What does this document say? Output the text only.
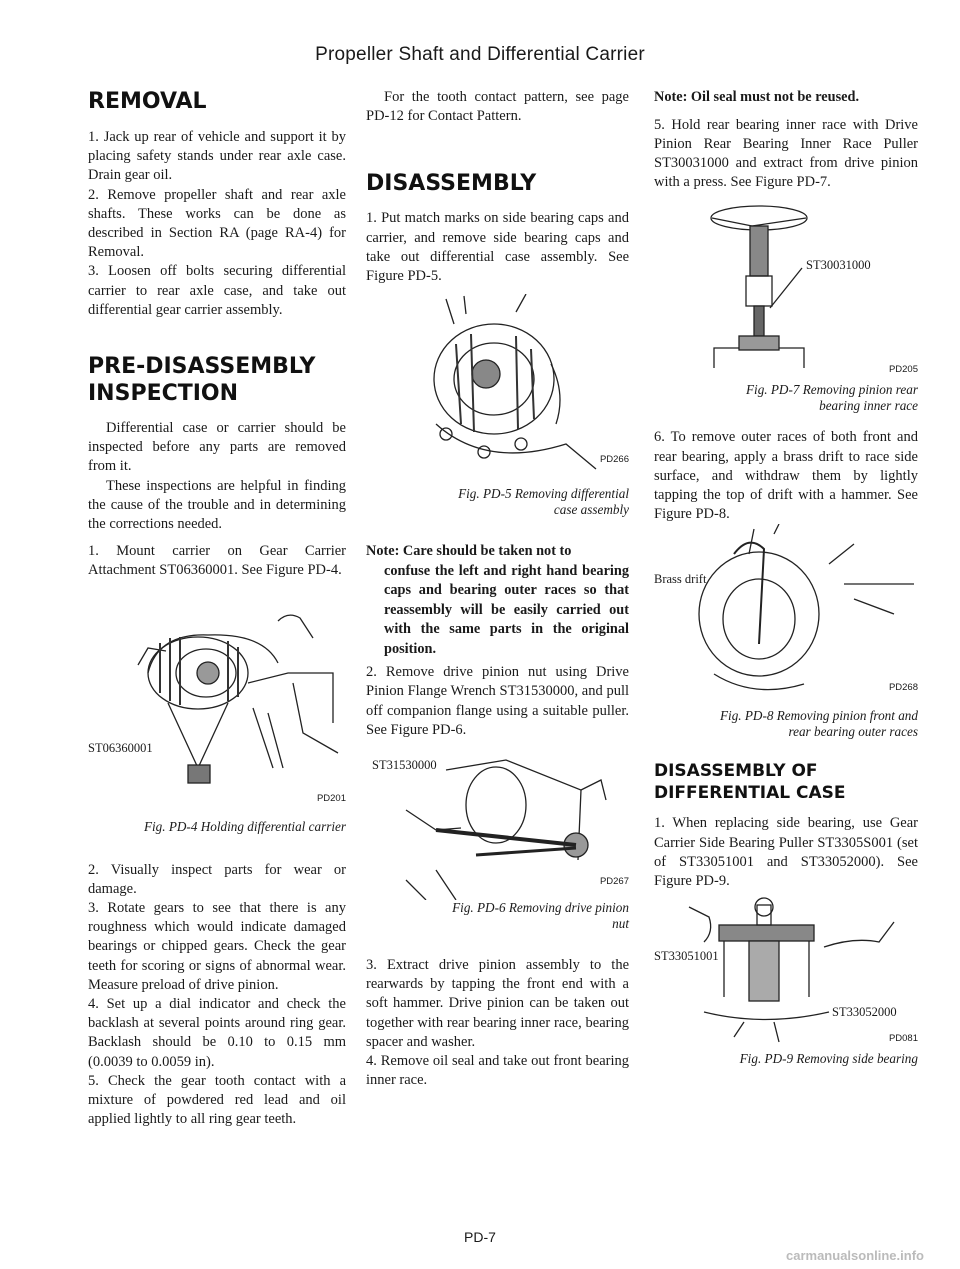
Propeller Shaft and Differential Carrier
REMOVAL

1. Jack up rear of vehicle and support it by placing safety stands under rear axle case. Drain gear oil.

2. Remove propeller shaft and rear axle shafts. These works can be done as described in Section RA (page RA-4) for Removal.

3. Loosen off bolts securing differential carrier to rear axle case, and take out differential gear carrier assembly.

PRE-DISASSEMBLY
INSPECTION

Differential case or carrier should be inspected before any parts are removed from it.

These inspections are helpful in finding the cause of the trouble and in determining the corrections needed.

1. Mount carrier on Gear Carrier Attachment ST06360001. See Figure PD-4.

ST06360001
PD201
Fig. PD-4 Holding differential carrier

2. Visually inspect parts for wear or damage.

3. Rotate gears to see that there is any roughness which would indicate damaged bearings or chipped gears. Check the gear teeth for scoring or signs of abnormal wear. Measure preload of drive pinion.

4. Set up a dial indicator and check the backlash at several points around ring gear. Backlash should be 0.10 to 0.15 mm (0.0039 to 0.0059 in).

5. Check the gear tooth contact with a mixture of powdered red lead and oil applied lightly to all ring gear teeth.

For the tooth contact pattern, see page PD-12 for Contact Pattern.

DISASSEMBLY

1. Put match marks on side bearing caps and carrier, and remove side bearing caps and take out differential case assembly. See Figure PD-5.

PD266
Fig. PD-5 Removing differential
case assembly

Note: Care should be taken not to
confuse the left and right hand bearing caps and bearing outer races so that reassembly will be easily carried out with the same parts in the original position.

2. Remove drive pinion nut using Drive Pinion Flange Wrench ST31530000, and pull off companion flange using a suitable puller. See Figure PD-6.

ST31530000
PD267
Fig. PD-6 Removing drive pinion
nut

3. Extract drive pinion assembly to the rearwards by tapping the front end with a soft hammer. Drive pinion can be taken out together with rear bearing inner race, bearing spacer and washer.

4. Remove oil seal and take out front bearing inner race.

Note: Oil seal must not be reused.

5. Hold rear bearing inner race with Drive Pinion Rear Bearing Inner Race Puller ST30031000 and extract from drive pinion with a press. See Figure PD-7.

ST30031000
PD205
Fig. PD-7 Removing pinion rear
bearing inner race

6. To remove outer races of both front and rear bearing, apply a brass drift to race side surface, and withdraw them by lightly tapping the top of drift with a hammer. See Figure PD-8.

Brass drift
PD268
Fig. PD-8 Removing pinion front and
rear bearing outer races
DISASSEMBLY OF
DIFFERENTIAL CASE

1. When replacing side bearing, use Gear Carrier Side Bearing Puller ST3305S001 (set of ST33051001 and ST33052000). See Figure PD-9.

ST33051001
ST33052000
PD081
Fig. PD-9 Removing side bearing
PD-7
carmanualsonline.info
